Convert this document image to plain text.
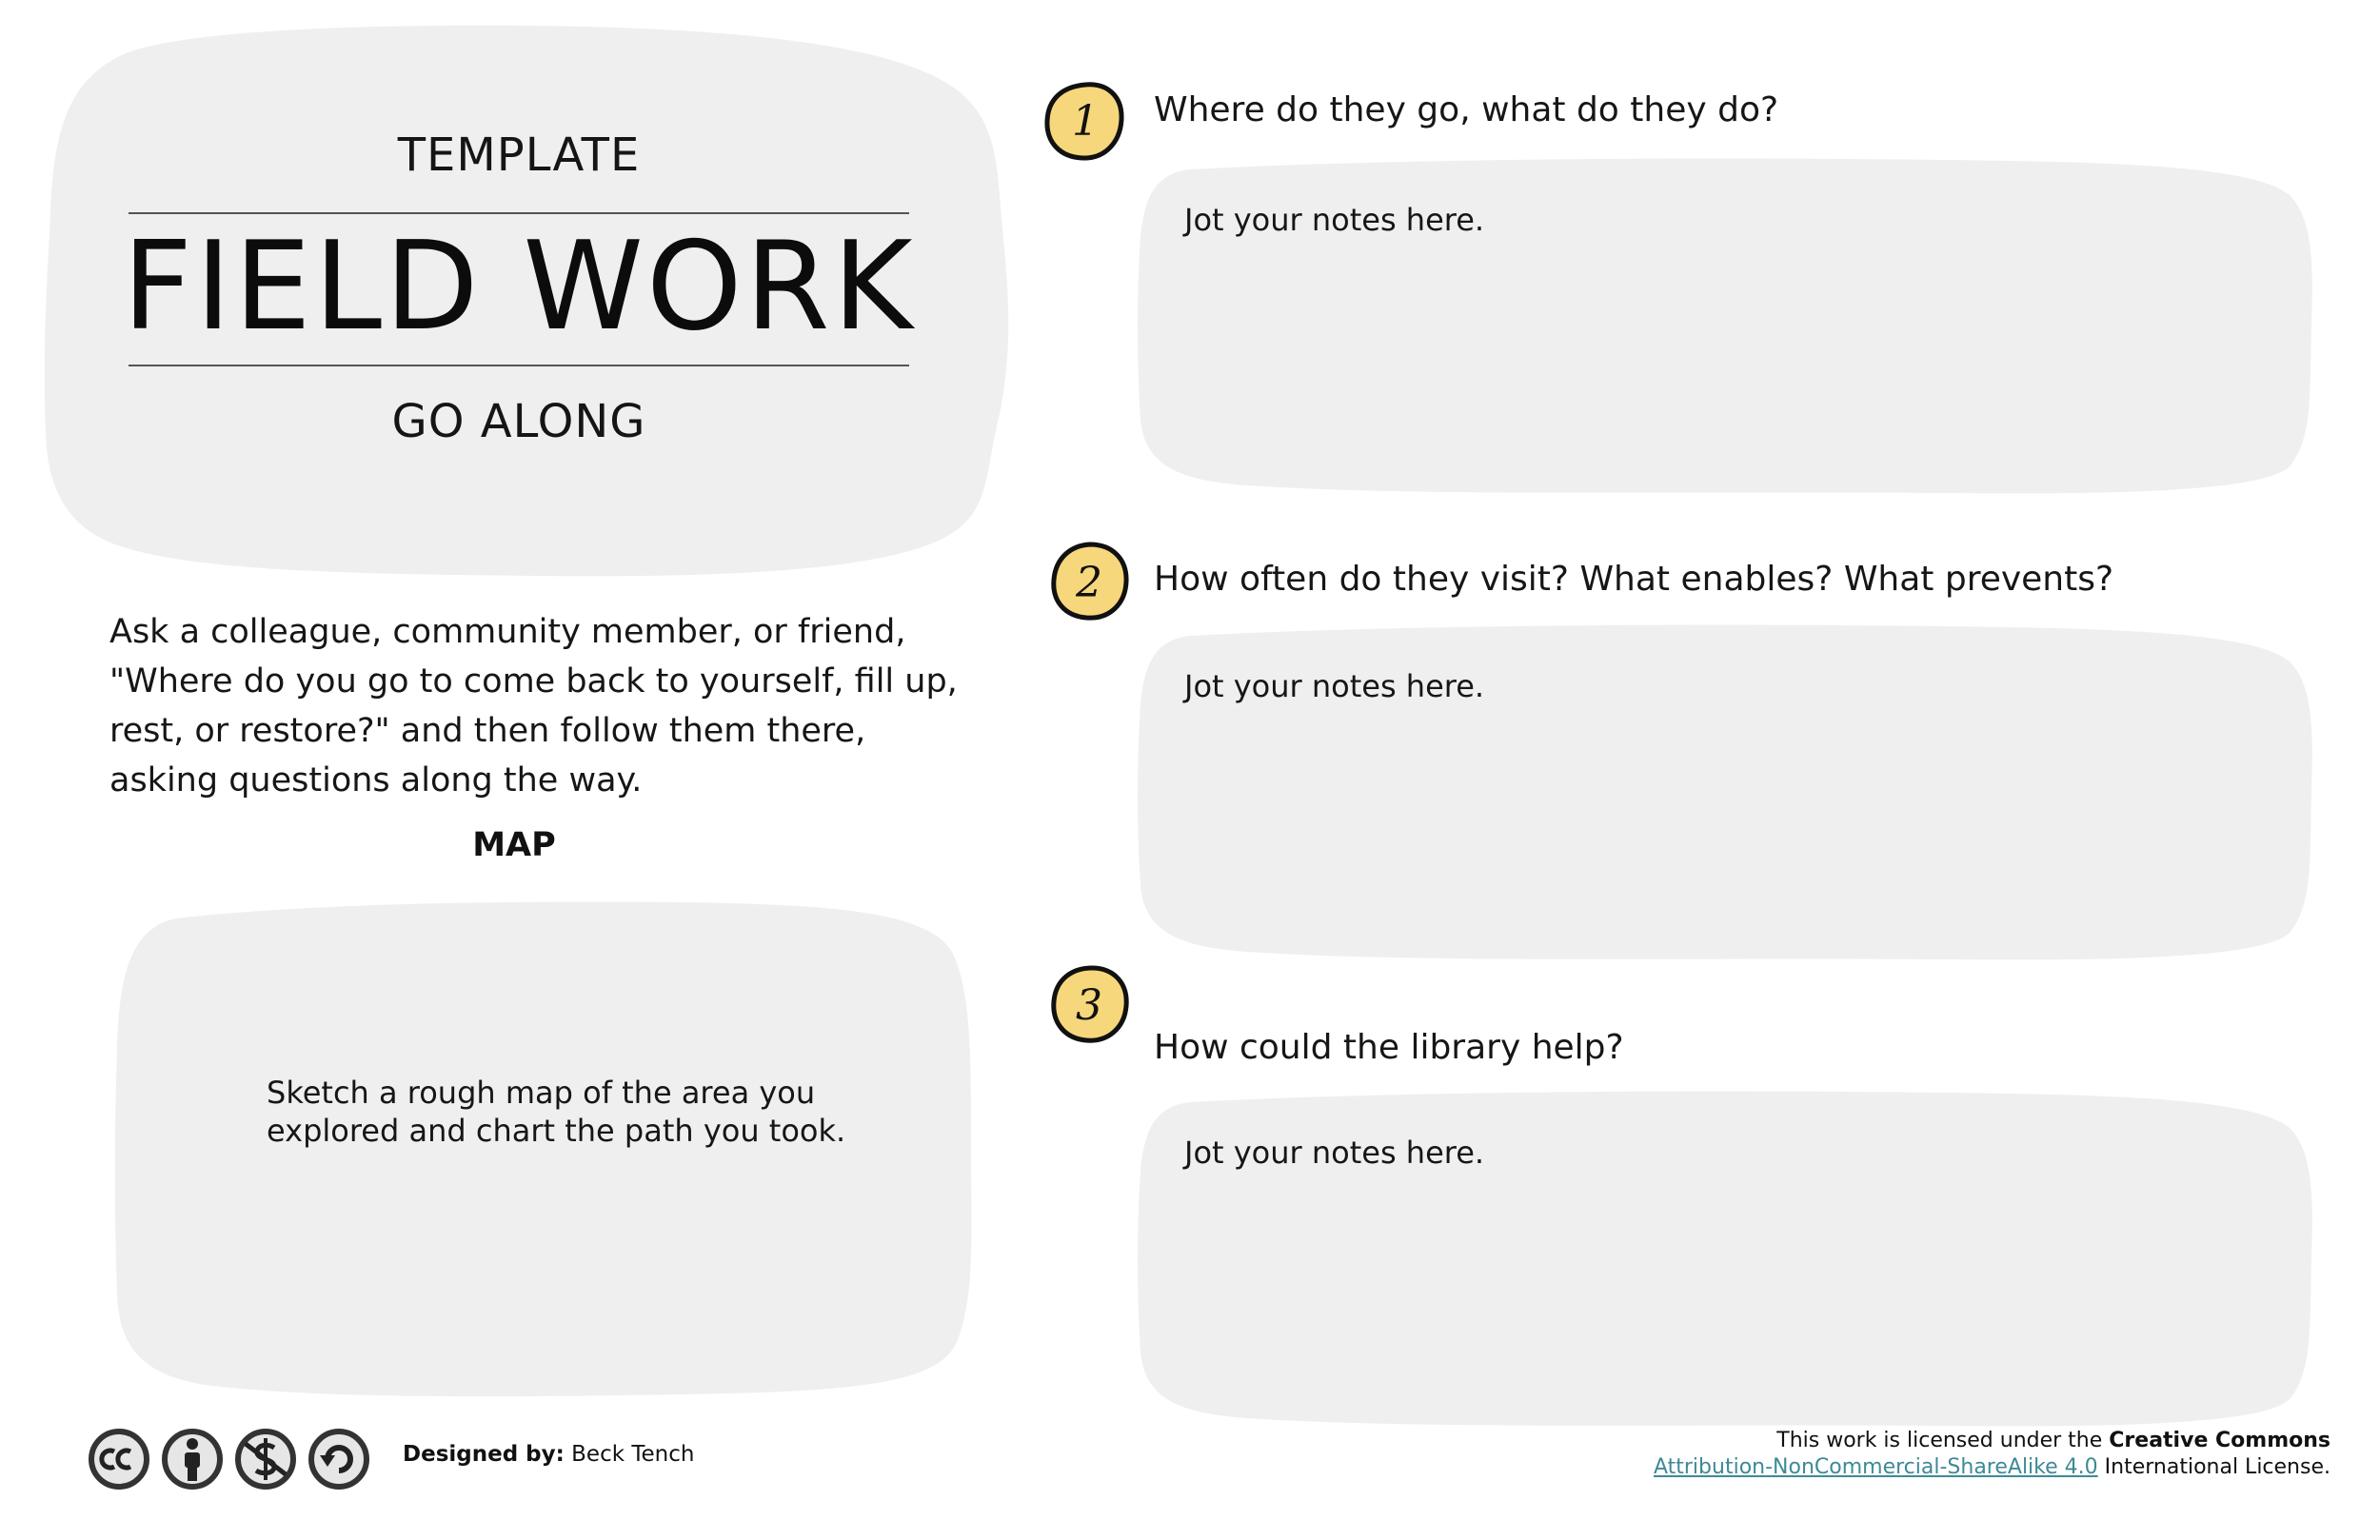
TEMPLATE
FIELD WORK
GO ALONG
Ask a colleague, community member, or friend, "Where do you go to come back to yourself, fill up, rest, or restore?" and then follow them there, asking questions along the way.
MAP
Sketch a rough map of the area you
explored and chart the path you took.
1	Where do they go, what do they do?
Jot your notes here.
2	How often do they visit? What enables? What prevents?
Jot your notes here.
3
How could the library help?
Jot your notes here.
Designed by: Beck Tench
This work is licensed under the Creative Commons
Attribution-NonCommercial-ShareAlike 4.0 International License.
